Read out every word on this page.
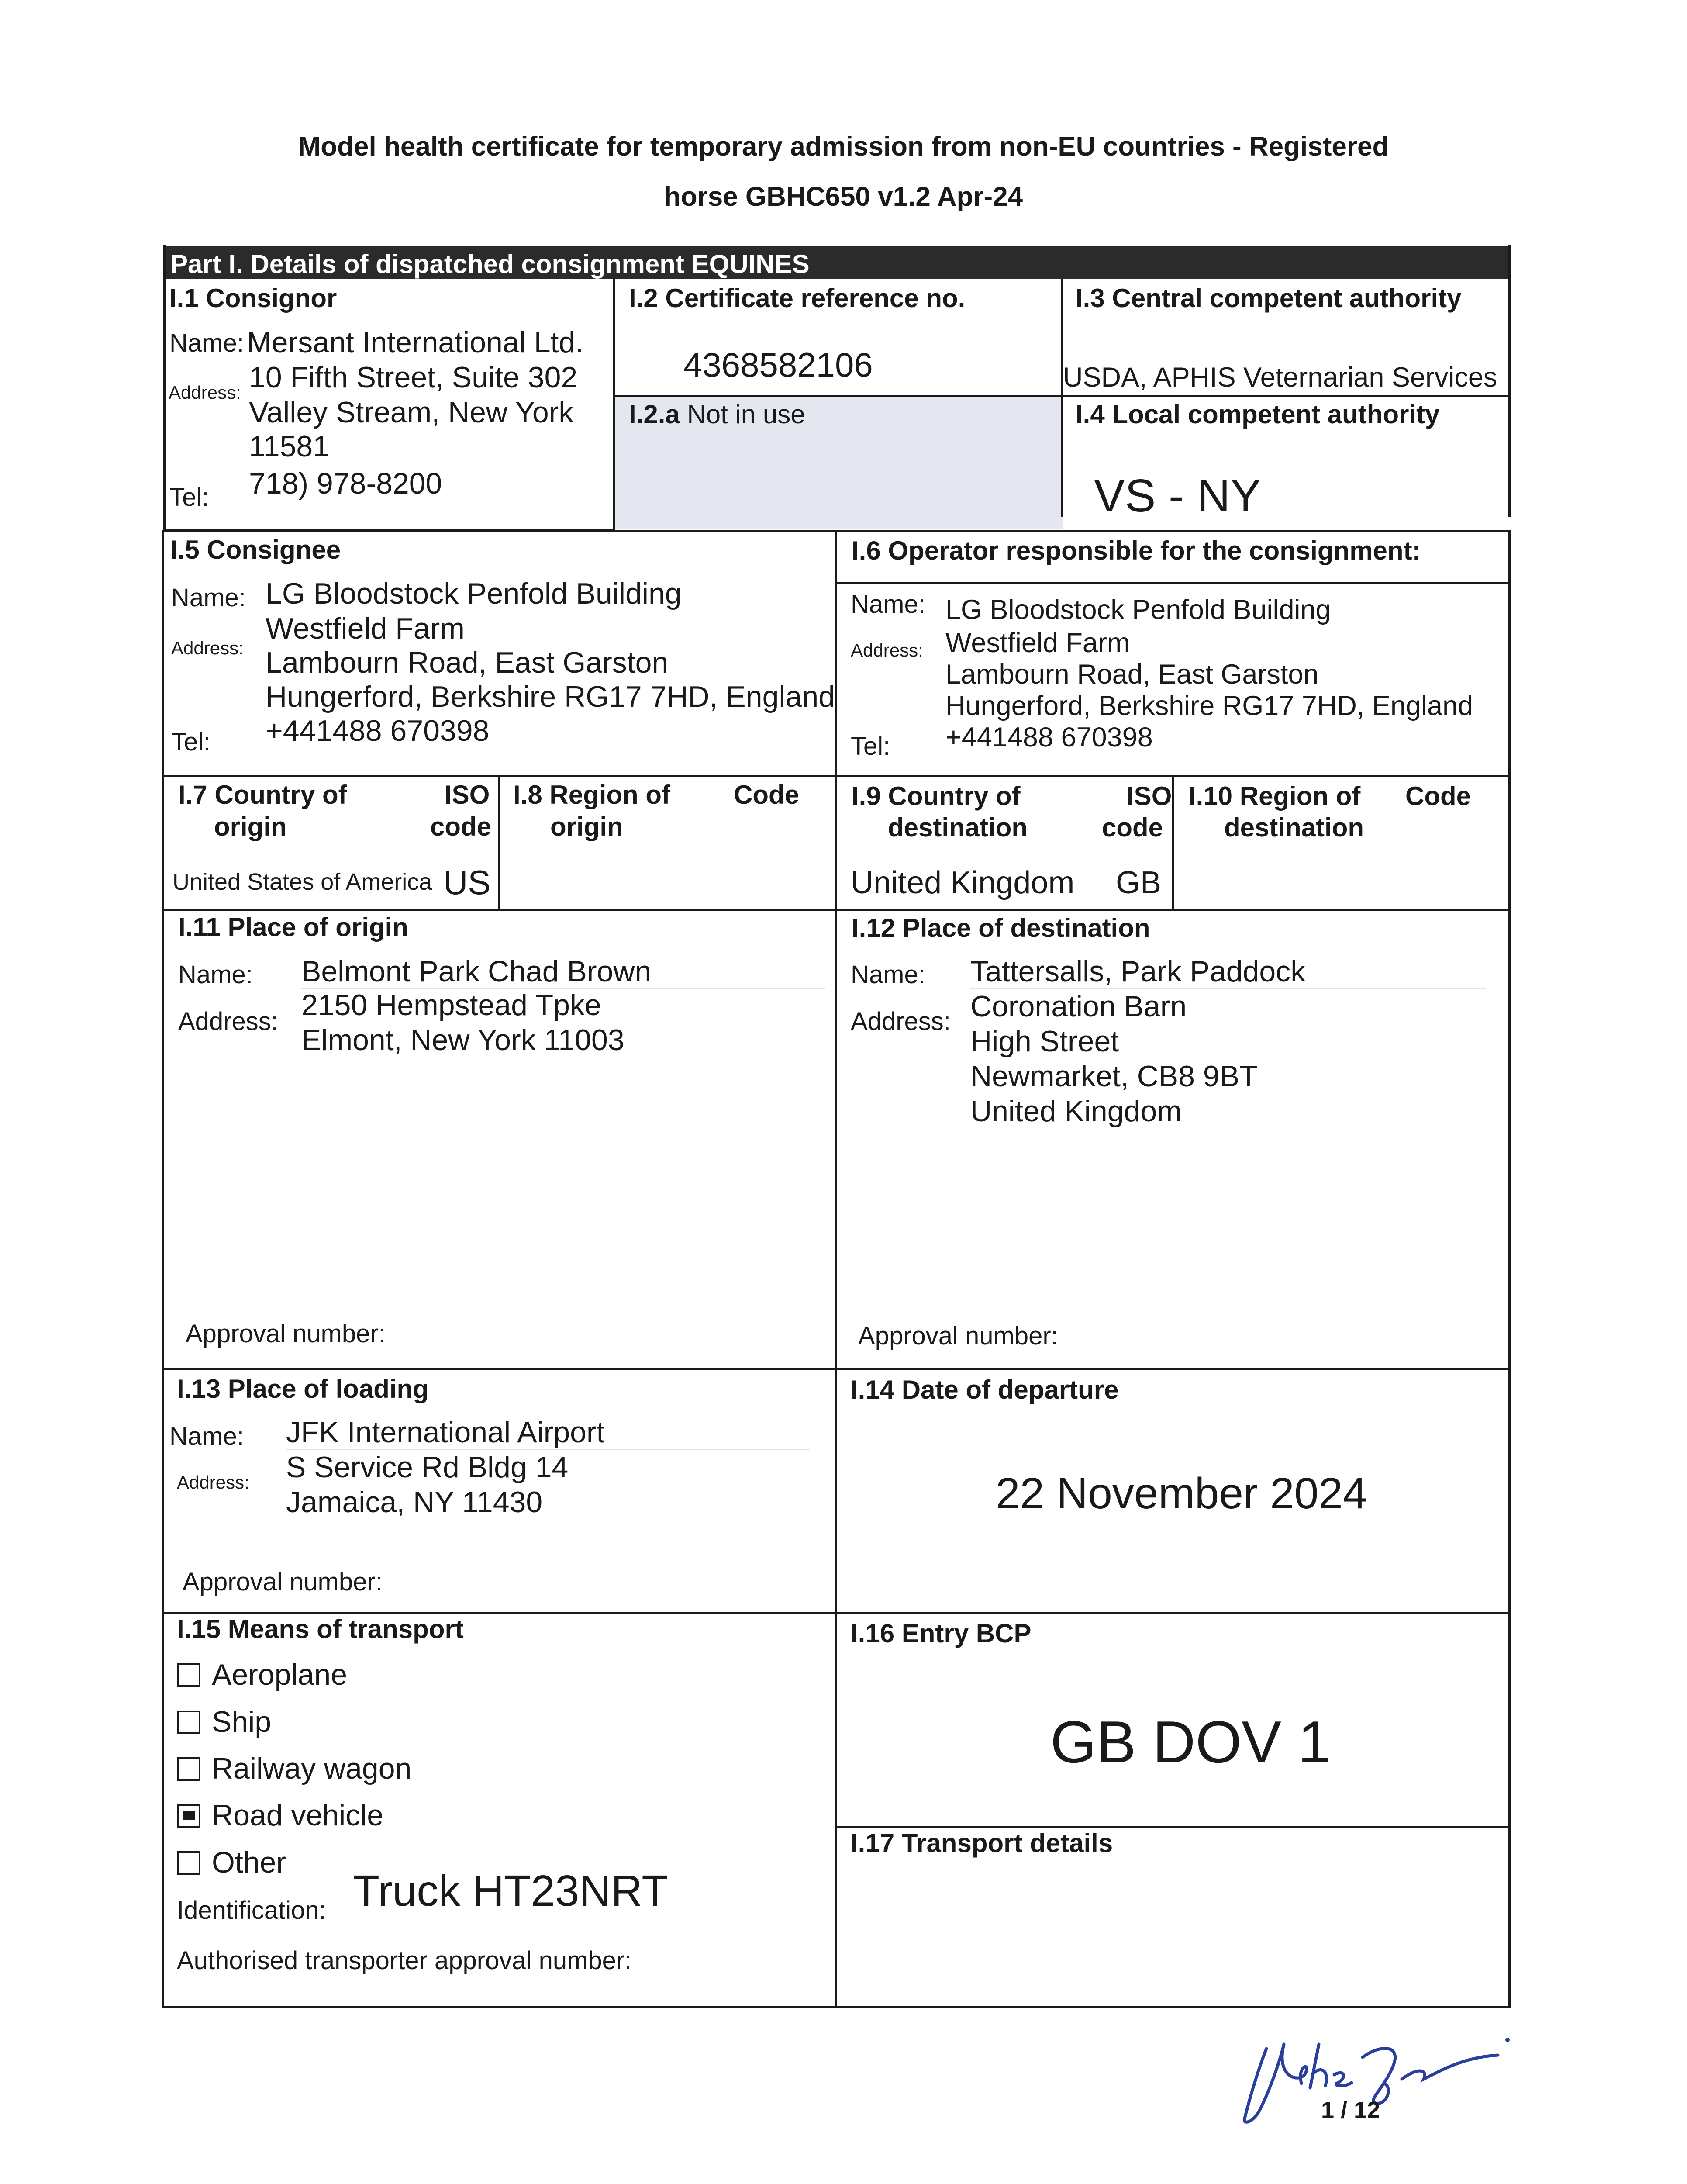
Model health certificate for temporary admission from non-EU countries - Registered
horse GBHC650 v1.2 Apr-24
Part I. Details of dispatched consignment EQUINES
I.1 Consignor
Name: Mersant International Ltd.
Address: 10 Fifth Street, Suite 302
Valley Stream, New York
11581
Tel: 718) 978-8200
I.2 Certificate reference no.
4368582106
I.2.a Not in use
I.3 Central competent authority
USDA, APHIS Veternarian Services
I.4 Local competent authority
VS - NY
I.5 Consignee
Name: LG Bloodstock Penfold Building
Address:
Westfield Farm
Lambourn Road, East Garston
Hungerford, Berkshire RG17 7HD, England
Tel: +441488 670398
I.6 Operator responsible for the consignment:
Name: LG Bloodstock Penfold Building
Address: Westfield Farm
Lambourn Road, East Garston
Hungerford, Berkshire RG17 7HD, England
Tel: +441488 670398
I.7 Country of
origin
ISO
code
United States of America US
I.8 Region of
origin
Code I.9 Country of
destination
ISO
code
United Kingdom GB
I.10 Region of
destination
Code
I.11 Place of origin
Name: Belmont Park Chad Brown
Address: 2150 Hempstead Tpke
Elmont, New York 11003
Approval number:
I.12 Place of destination
Name: Tattersalls, Park Paddock
Address: Coronation Barn
High Street
Newmarket, CB8 9BT
United Kingdom
Approval number:
I.13 Place of loading
Name: JFK International Airport
Address: S Service Rd Bldg 14
Jamaica, NY 11430
Approval number:
I.14 Date of departure
22 November 2024
I.15 Means of transport
Aeroplane
Ship
Railway wagon
Road vehicle
Other
Identification: Truck HT23NRT
Authorised transporter approval number:
I.16 Entry BCP
GB DOV 1
I.17 Transport details
1 / 12
